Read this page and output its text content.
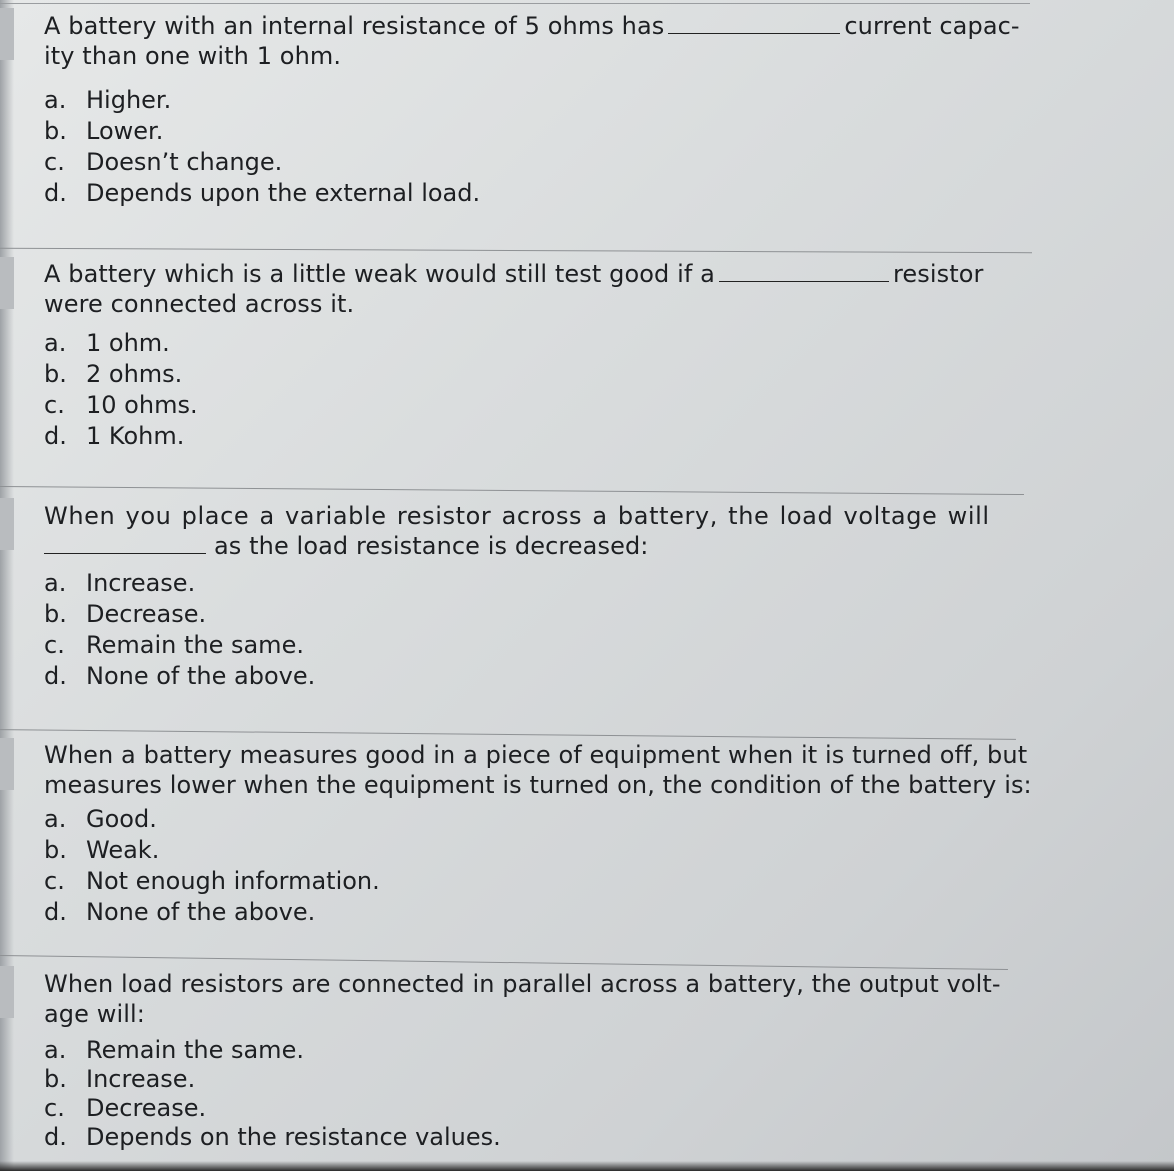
A battery with an internal resistance of 5 ohms has	current capac-
ity than one with 1 ohm.
a. Higher.
b. Lower.
c. Doesn’t change.
d. Depends upon the external load.
A battery which is a little weak would still test good if a	resistor
were connected across it.
a. 1 ohm.
b. 2 ohms.
c. 10 ohms.
d. 1 Kohm.
When you place a variable resistor across a battery, the load voltage will
as the load resistance is decreased:
a. Increase.
b. Decrease.
c. Remain the same.
d. None of the above.
When a battery measures good in a piece of equipment when it is turned off, but
measures lower when the equipment is turned on, the condition of the battery is:
a. Good.
b. Weak.
c. Not enough information.
d. None of the above.
When load resistors are connected in parallel across a battery, the output volt-
age will:
a. Remain the same.
b. Increase.
c. Decrease.
d. Depends on the resistance values.
